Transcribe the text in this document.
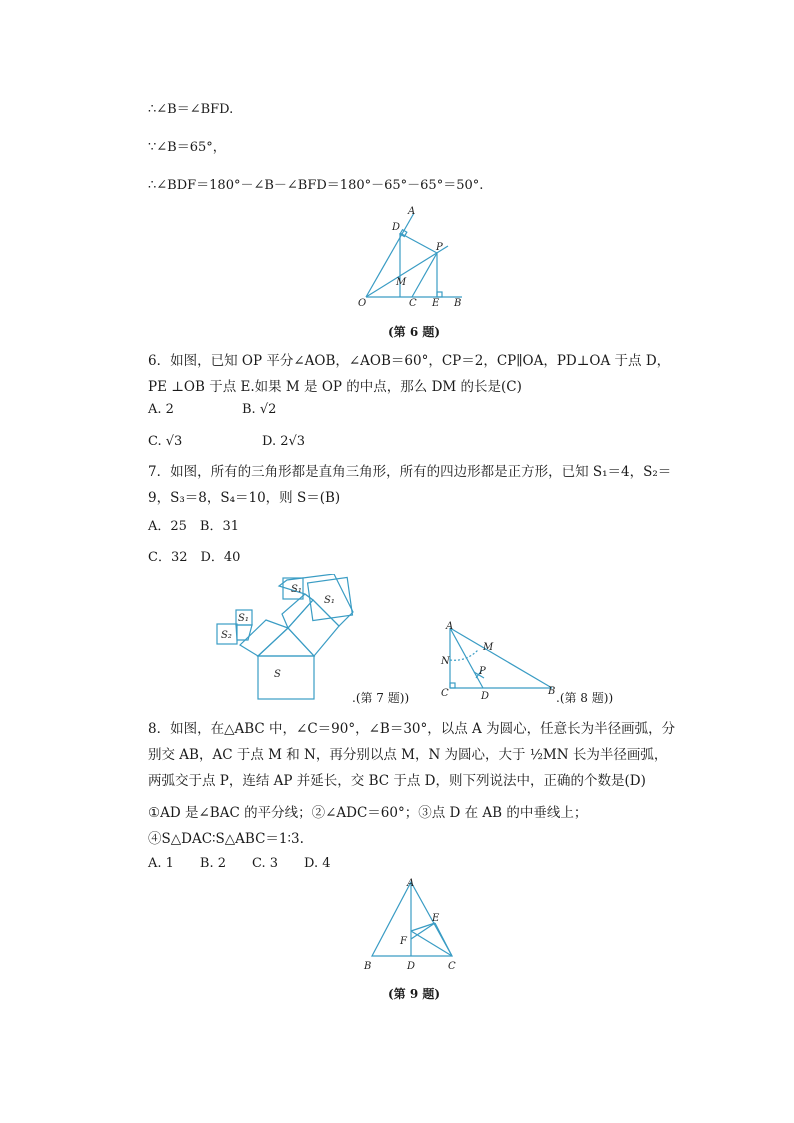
∴∠B＝∠BFD.
∵∠B＝65°，
∴∠BDF＝180°－∠B－∠BFD＝180°－65°－65°＝50°.
A
D
P
M
O	C E B
(第 6 题)
6．如图，已知 OP 平分∠AOB，∠AOB＝60°，CP＝2，CP∥OA，PD⊥OA 于点 D，PE ⊥OB 于点 E.如果 M 是 OP 的中点，那么 DM 的长是(C)
A. 2	B. √2
C. √3	D. 2√3
7．如图，所有的三角形都是直角三角形，所有的四边形都是正方形，已知 S₁＝4，S₂＝9，S₃＝8，S₄＝10，则 S＝(B)
A．25　B．31
C．32　D．40
S₁
S₁
S₁
S₂
S
.(第 7 题))
A
M
N
P
C	D	B .(第 8 题))
8．如图，在△ABC 中，∠C＝90°，∠B＝30°，以点 A 为圆心，任意长为半径画弧，分别交 AB，AC 于点 M 和 N，再分别以点 M，N 为圆心，大于 ½MN 长为半径画弧，两弧交于点 P，连结 AP 并延长，交 BC 于点 D，则下列说法中，正确的个数是(D)
①AD 是∠BAC 的平分线；②∠ADC＝60°；③点 D 在 AB 的中垂线上；④S△DAC∶S△ABC＝1∶3.
A. 1　　B. 2　　C. 3　　D. 4
A
E
F
B	D	C
(第 9 题)
